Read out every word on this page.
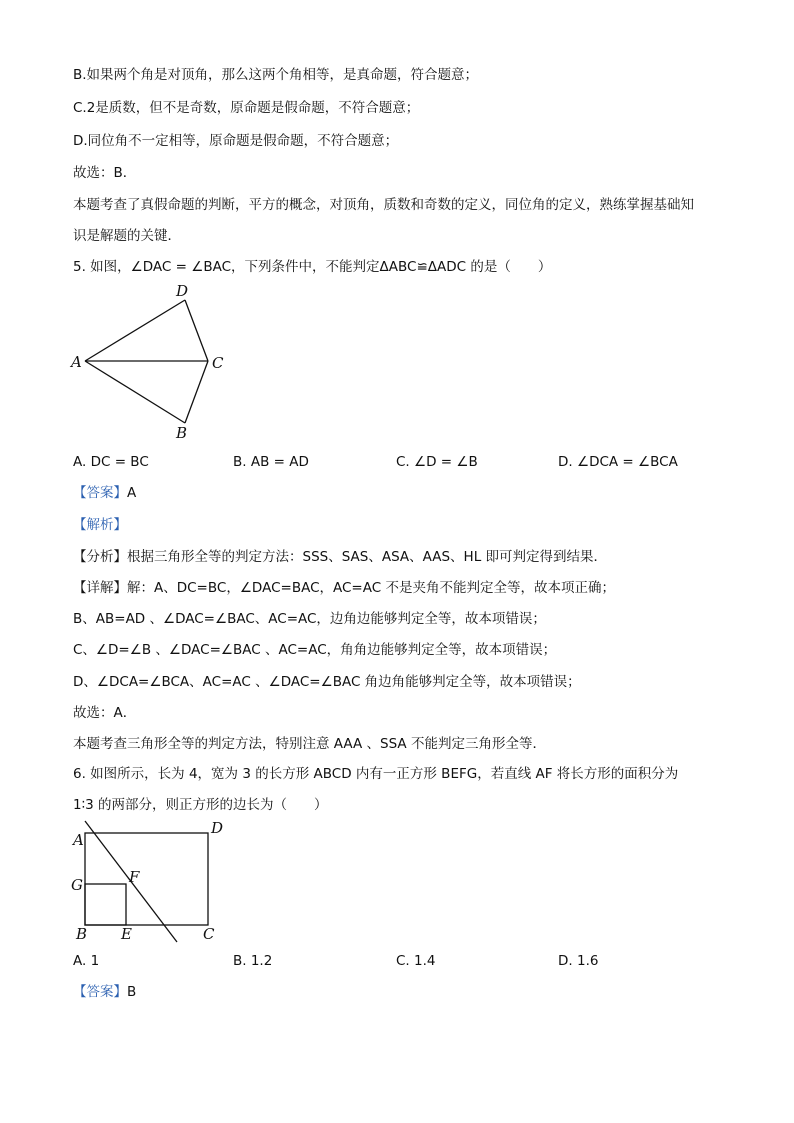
B.如果两个角是对顶角，那么这两个角相等，是真命题，符合题意；
C.2是质数，但不是奇数，原命题是假命题，不符合题意；
D.同位角不一定相等，原命题是假命题，不符合题意；
故选：B．
本题考查了真假命题的判断，平方的概念，对顶角，质数和奇数的定义，同位角的定义，熟练掌握基础知
识是解题的关键．
5. 如图，∠DAC = ∠BAC，下列条件中，不能判定ΔABC≌ΔADC 的是（　　）
D
A	C
B
A. DC = BC	B. AB = AD	C. ∠D = ∠B	D. ∠DCA = ∠BCA
【答案】A
【解析】
【分析】根据三角形全等的判定方法：SSS、SAS、ASA、AAS、HL 即可判定得到结果．
【详解】解：A、DC=BC，∠DAC=BAC，AC=AC 不是夹角不能判定全等，故本项正确；
B、AB=AD 、∠DAC=∠BAC、AC=AC，边角边能够判定全等，故本项错误；
C、∠D=∠B 、∠DAC=∠BAC 、AC=AC，角角边能够判定全等，故本项错误；
D、∠DCA=∠BCA、AC=AC 、∠DAC=∠BAC 角边角能够判定全等，故本项错误；
故选：A．
本题考查三角形全等的判定方法，特别注意 AAA 、SSA 不能判定三角形全等．
6. 如图所示，长为 4，宽为 3 的长方形 ABCD 内有一正方形 BEFG，若直线 AF 将长方形的面积分为
1∶3 的两部分，则正方形的边长为（　　）
A
D
G	F
B E	C
A. 1	B. 1.2	C. 1.4	D. 1.6
【答案】B
